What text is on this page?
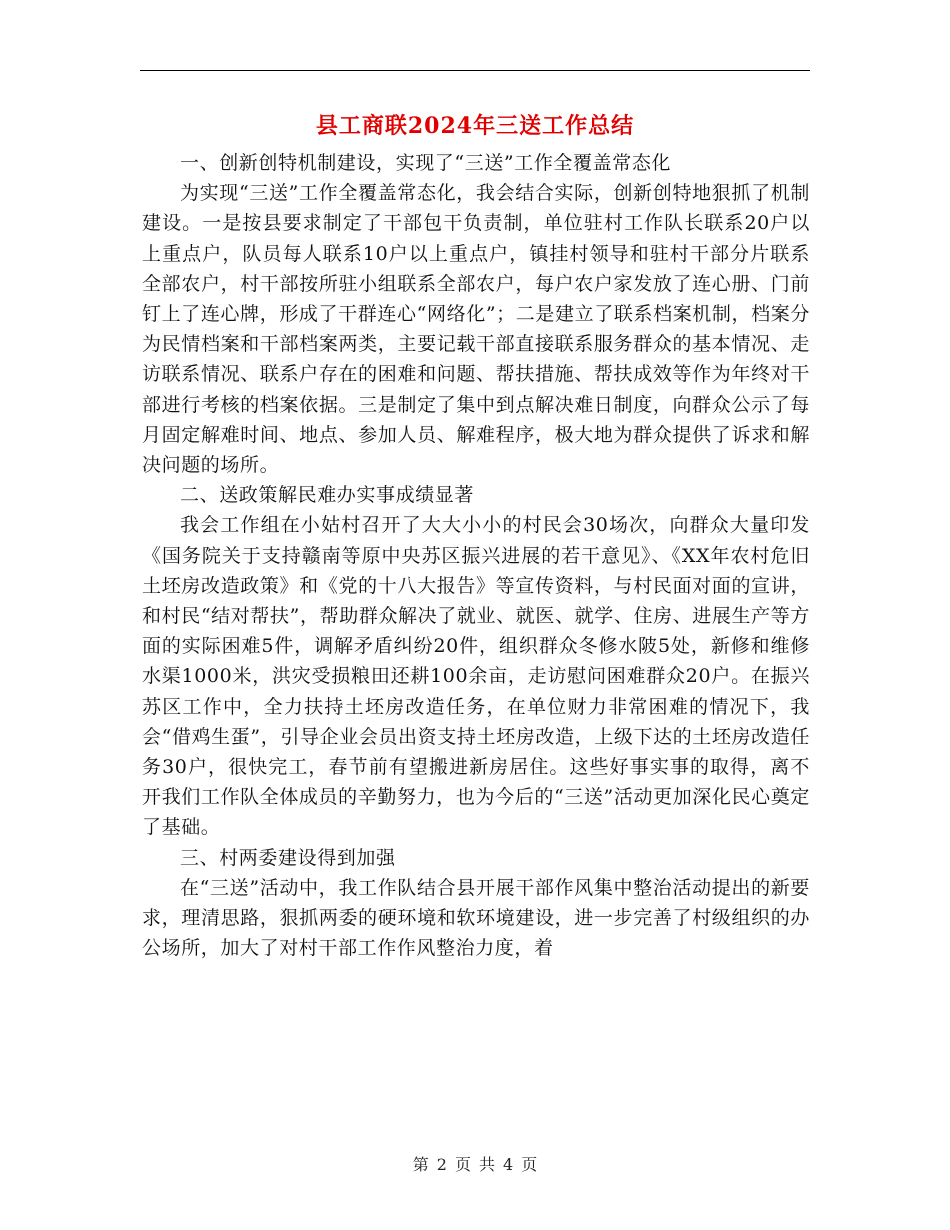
县工商联2024年三送工作总结

一、创新创特机制建设，实现了“三送”工作全覆盖常态化

为实现“三送”工作全覆盖常态化，我会结合实际，创新创特地狠抓了机制建设。一是按县要求制定了干部包干负责制，单位驻村工作队长联系20户以上重点户，队员每人联系10户以上重点户，镇挂村领导和驻村干部分片联系全部农户，村干部按所驻小组联系全部农户，每户农户家发放了连心册、门前钉上了连心牌，形成了干群连心“网络化”；二是建立了联系档案机制，档案分为民情档案和干部档案两类，主要记载干部直接联系服务群众的基本情况、走访联系情况、联系户存在的困难和问题、帮扶措施、帮扶成效等作为年终对干部进行考核的档案依据。三是制定了集中到点解决难日制度，向群众公示了每月固定解难时间、地点、参加人员、解难程序，极大地为群众提供了诉求和解决问题的场所。

二、送政策解民难办实事成绩显著

我会工作组在小姑村召开了大大小小的村民会30场次，向群众大量印发《国务院关于支持赣南等原中央苏区振兴进展的若干意见》、《XX年农村危旧土坯房改造政策》和《党的十八大报告》等宣传资料，与村民面对面的宣讲，和村民“结对帮扶”，帮助群众解决了就业、就医、就学、住房、进展生产等方面的实际困难5件，调解矛盾纠纷20件，组织群众冬修水陂5处，新修和维修水渠1000米，洪灾受损粮田还耕100余亩，走访慰问困难群众20户。在振兴苏区工作中，全力扶持土坯房改造任务，在单位财力非常困难的情况下，我会“借鸡生蛋”，引导企业会员出资支持土坯房改造，上级下达的土坯房改造任务30户，很快完工，春节前有望搬进新房居住。这些好事实事的取得，离不开我们工作队全体成员的辛勤努力，也为今后的“三送”活动更加深化民心奠定了基础。

三、村两委建设得到加强

在“三送”活动中，我工作队结合县开展干部作风集中整治活动提出的新要求，理清思路，狠抓两委的硬环境和软环境建设，进一步完善了村级组织的办公场所，加大了对村干部工作作风整治力度，着

第 2 页 共 4 页
